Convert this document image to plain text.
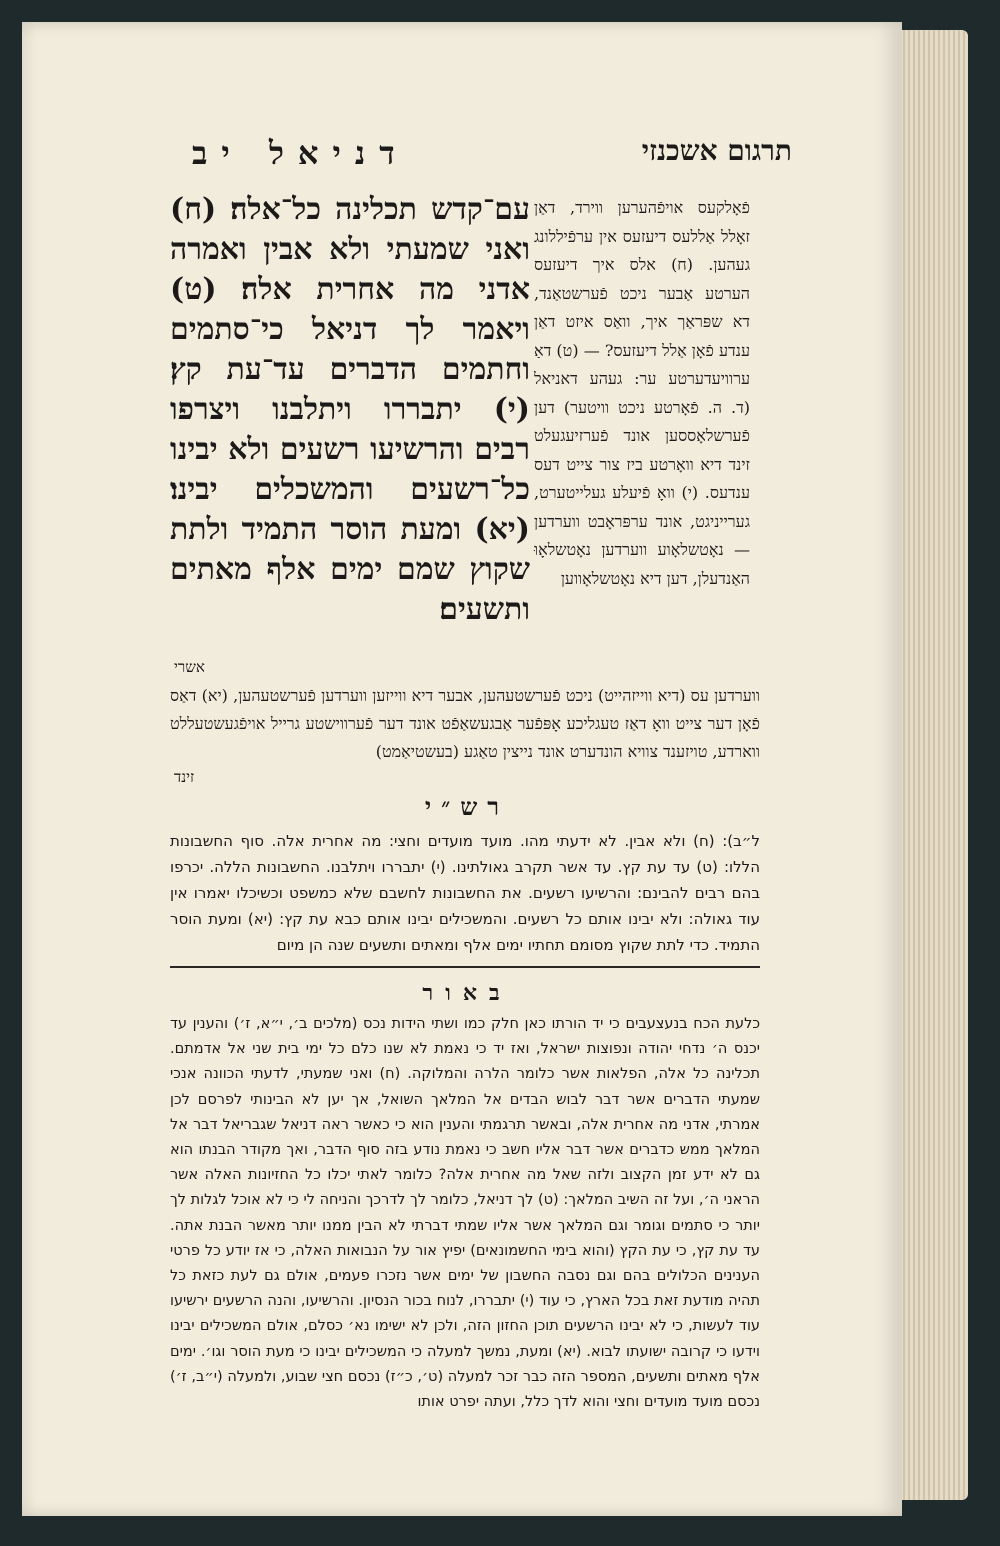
דניאל יב	תרגום אשכנזי
עם־קדש תכלינה כל־אלה׃ (ח) ואני שמעתי ולא אבין ואמרה אדני מה אחרית אלה׃ (ט) ויאמר לך דניאל כי־סתמים וחתמים הדברים עד־עת קץ׃ (י) יתבררו ויתלבנו ויצרפו רבים והרשיעו רשעים ולא יבינו כל־רשעים והמשכלים יבינו׃ (יא) ומעת הוסר התמיד ולתת שקוץ שמם ימים אלף מאתים ותשעים׃
פֿאָלקעס אויפֿהערען ווירד, דאַן זאָלל אַללעס דיעזעס אין ערפֿיללונג געהען. (ח) אלס איך דיעזעס הערטע אַבער ניכט פֿערשטאַנד, דא שפּראַך איך, וואַס איזט דאַן ענדע פֿאָן אַלל דיעזעס? — (ט) דאַ ערוויעדערטע ער: געהע דאניאל (ד. ה. פֿאָרטע ניכט וויטער) דען פֿערשלאָססען אונד פֿערזיעגעלט זינד דיא וואָרטע ביז צור צייט דעס ענדעס. (י) וואָ פֿיעלע געלייטערט, גערייניגט, אונד ערפּראָבט ווערדען — נאָטשלאָוע ווערדען נאָטשלאָוּ האַנדעלן, דען דיא נאָטשלאָווען
אשרי
ווערדען עס (דיא ווייזהייט) ניכט פֿערשטעהען, אבער דיא ווייזען ווערדען פֿערשטעהען, (יא) דאַס פֿאָן דער צייט וואָ דאַז טעגליכע אָפּפֿער אַבגעשאַפֿט אונד דער פֿערווישטע גרייל אויפֿגעשטעללט ווארדע, טויזענד צוויא הונדערט אונד נייצין טאַגע (בעשטיאַמט)
זינד
רש״י
ל״ב): (ח) ולא אבין. לא ידעתי מהו. מועד מועדים וחצי: מה אחרית אלה. סוף החשבונות הללו: (ט) עד עת קץ. עד אשר תקרב גאולתינו. (י) יתבררו ויתלבנו. החשבונות הללה. יכרפו בהם רבים להבינם: והרשיעו רשעים. את החשבונות לחשבם שלא כמשפט וכשיכלו יאמרו אין עוד גאולה: ולא יבינו אותם כל רשעים. והמשכילים יבינו אותם כבא עת קץ: (יא) ומעת הוסר התמיד. כדי לתת שקוץ מסומם תחתיו ימים אלף ומאתים ותשעים שנה הן מיום
באור
כלעת הכח בנעצעבים כי יד הורתו כאן חלק כמו ושתי הידות נכס (מלכים ב׳, י״א, ז׳) והענין עד יכנס ה׳ נדחי יהודה ונפוצות ישראל, ואז יד כי נאמת לא שנו כלם כל ימי בית שני אל אדמתם. תכלינה כל אלה, הפלאות אשר כלומר הלרה והמלוקה. (ח) ואני שמעתי, לדעתי הכוונה אנכי שמעתי הדברים אשר דבר לבוש הבדים אל המלאך השואל, אך יען לא הבינותי לפרסם לכן אמרתי, אדני מה אחרית אלה, ובאשר תרגמתי והענין הוא כי כאשר ראה דניאל שגבריאל דבר אל המלאך ממש כדברים אשר דבר אליו חשב כי נאמת נודע בזה סוף הדבר, ואך מקודר הבנתו הוא גם לא ידע זמן הקצוב ולזה שאל מה אחרית אלה? כלומר לאתי יכלו כל החזיונות האלה אשר הראני ה׳, ועל זה השיב המלאך: (ט) לך דניאל, כלומר לך לדרכך והניחה לי כי לא אוכל לגלות לך יותר כי סתמים וגומר וגם המלאך אשר אליו שמתי דברתי לא הבין ממנו יותר מאשר הבנת אתה. עד עת קץ, כי עת הקץ (והוא בימי החשמונאים) יפיץ אור על הנבואות האלה, כי אז יודע כל פרטי הענינים הכלולים בהם וגם נסבה החשבון של ימים אשר נזכרו פעמים, אולם גם לעת כזאת כל תהיה מודעת זאת בכל הארץ, כי עוד (י) יתבררו, לנוח בכור הנסיון. והרשיעו, והנה הרשעים ירשיעו עוד לעשות, כי לא יבינו הרשעים תוכן החזון הזה, ולכן לא ישימו נא׳ כסלם, אולם המשכילים יבינו וידעו כי קרובה ישועתו לבוא. (יא) ומעת, נמשך למעלה כי המשכילים יבינו כי מעת הוסר וגו׳. ימים אלף מאתים ותשעים, המספר הזה כבר זכר למעלה (ט׳, כ״ז) נכסם חצי שבוע, ולמעלה (י״ב, ז׳) נכסם מועד מועדים וחצי והוא לדך כלל, ועתה יפרט אותו
